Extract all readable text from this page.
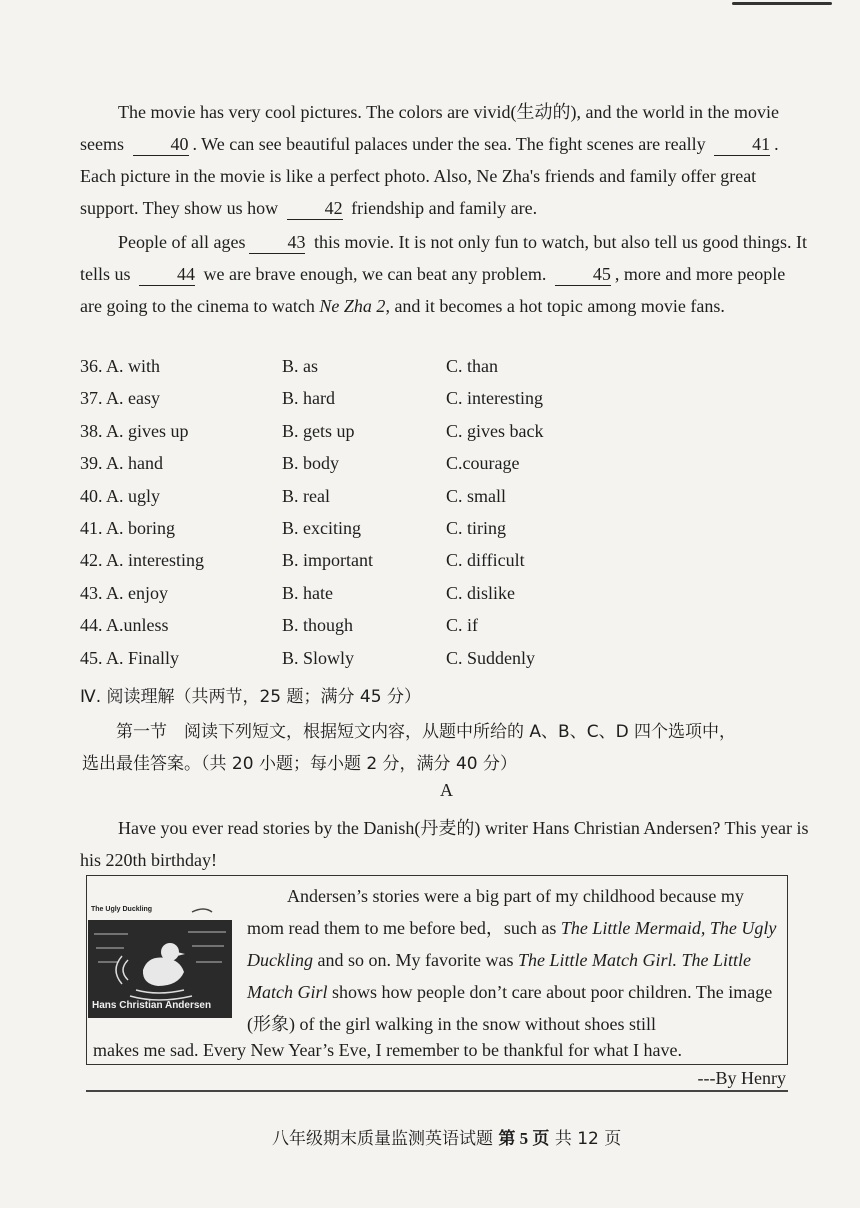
The movie has very cool pictures. The colors are vivid(生动的), and the world in the movie seems	40 . We can see beautiful palaces under the sea. The fight scenes are really	41 . Each picture in the movie is like a perfect photo. Also, Ne Zha's friends and family offer great support. They show us how	42 friendship and family are.
People of all ages 43 this movie. It is not only fun to watch, but also tell us good things. It tells us	44 we are brave enough, we can beat any problem.	45 , more and more people are going to the cinema to watch Ne Zha 2, and it becomes a hot topic among movie fans.
36. A. with	B. as	C. than
37. A. easy	B. hard	C. interesting
38. A. gives up	B. gets up	C. gives back
39. A. hand	B. body	C.courage
40. A. ugly	B. real	C. small
41. A. boring	B. exciting	C. tiring
42. A. interesting	B. important	C. difficult
43. A. enjoy	B. hate	C. dislike
44. A.unless	B. though	C. if
45. A. Finally	B. Slowly	C. Suddenly
Ⅳ. 阅读理解（共两节，25 题；满分 45 分）
第一节　阅读下列短文，根据短文内容，从题中所给的 A、B、C、D 四个选项中，
选出最佳答案。（共 20 小题；每小题 2 分，满分 40 分）
A
Have you ever read stories by the Danish(丹麦的) writer Hans Christian Andersen? This year is his 220th birthday!
Andersen’s stories were a big part of my childhood because my mom read them to me before bed，such as The Little Mermaid, The Ugly Duckling and so on. My favorite was The Little Match Girl. The Little Match Girl shows how people don’t care about poor children. The image (形象) of the girl walking in the snow without shoes still
makes me sad. Every New Year’s Eve, I remember to be thankful for what I have.
The Ugly Duckling
Hans Christian Andersen
---By Henry
八年级期末质量监测英语试题 第 5 页 共 12 页
